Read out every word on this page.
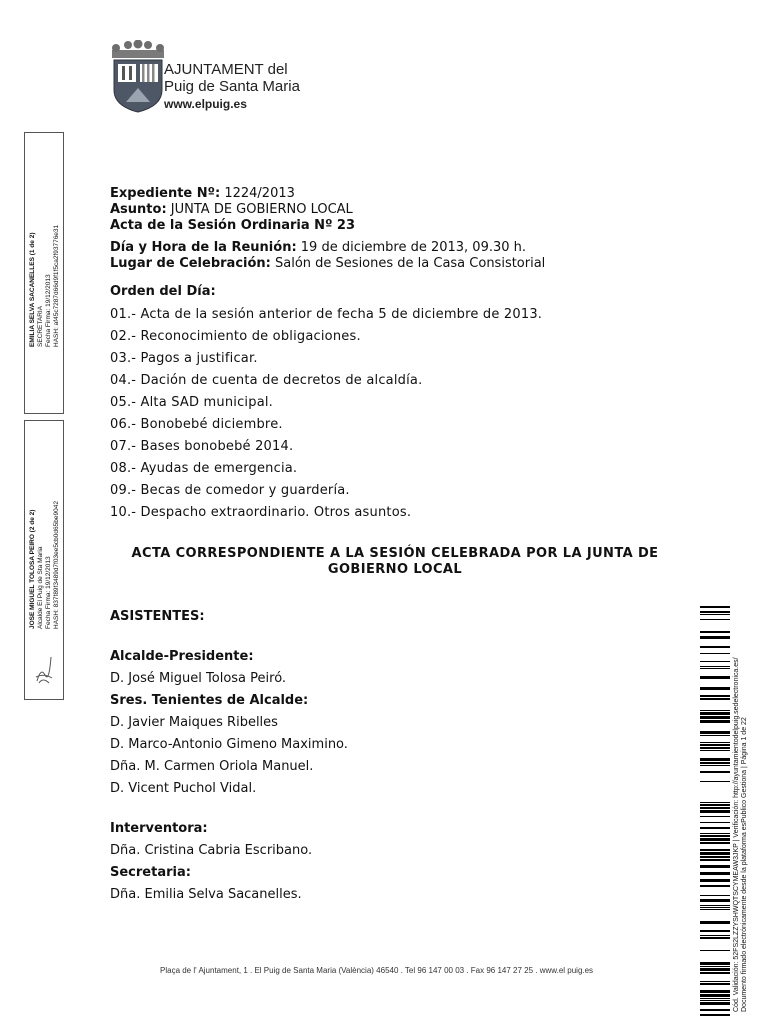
AJUNTAMENT del
Puig de Santa Maria
www.elpuig.es
EMILIA SELVA SACANELLES (1 de 2) SECRETARIA Fecha Firma: 19/12/2013 HASH: af45c7287d66d9f1f5ca2f93776e31
JOSE MIGUEL TOLOSA PEIRO (2 de 2) Alcalde El Puig de Sta Maria Fecha Firma: 19/12/2013 HASH: 837f89f3489d7f03ee5cb0d65be9042
Expediente Nº: 1224/2013
Asunto: JUNTA DE GOBIERNO LOCAL
Acta de la Sesión Ordinaria Nº 23
Día y Hora de la Reunión: 19 de diciembre de 2013, 09.30 h.
Lugar de Celebración: Salón de Sesiones de la Casa Consistorial
Orden del Día:
01.- Acta de la sesión anterior de fecha 5 de diciembre de 2013.
02.- Reconocimiento de obligaciones.
03.- Pagos a justificar.
04.- Dación de cuenta de decretos de alcaldía.
05.- Alta SAD municipal.
06.- Bonobebé diciembre.
07.- Bases bonobebé 2014.
08.- Ayudas de emergencia.
09.- Becas de comedor y guardería.
10.- Despacho extraordinario. Otros asuntos.
ACTA CORRESPONDIENTE A LA SESIÓN CELEBRADA POR LA JUNTA DE
GOBIERNO LOCAL
ASISTENTES:
Alcalde-Presidente:
D. José Miguel Tolosa Peiró.
Sres. Tenientes de Alcalde:
D. Javier Maiques Ribelles
D. Marco-Antonio Gimeno Maximino.
Dña. M. Carmen Oriola Manuel.
D. Vicent Puchol Vidal.
Interventora:
Dña. Cristina Cabria Escribano.
Secretaria:
Dña. Emilia Selva Sacanelles.
Plaça de l' Ajuntament, 1 . El Puig de Santa Maria (València) 46540 . Tel 96 147 00 03 . Fax 96 147 27 25 . www.el puig.es	Cód. Validación: 52FS2LZZYSHWQTSCYMEAW3JKP | Verificación: http://ayuntamientodelpuig.sedelectronica.es/ Documento firmado electrónicamente desde la plataforma esPublico Gestiona | Página 1 de 22
